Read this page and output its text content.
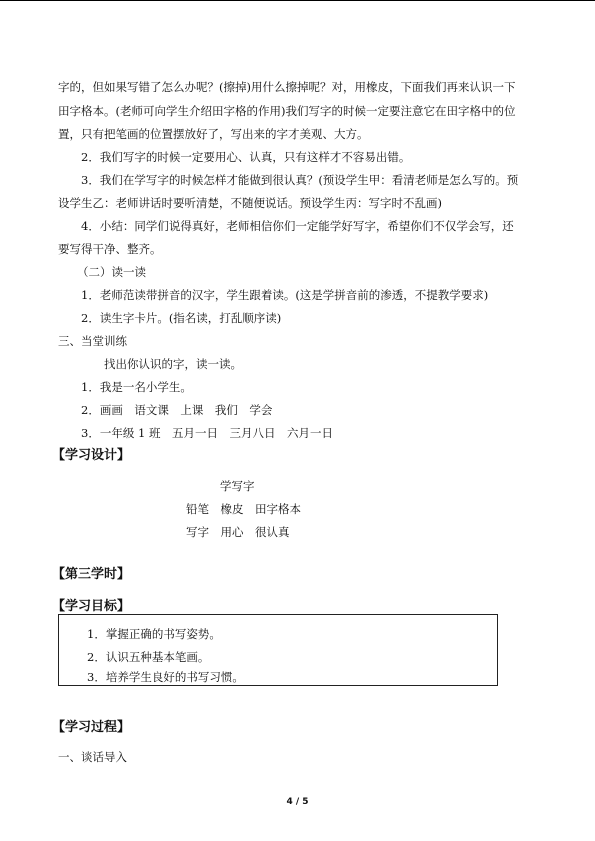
字的，但如果写错了怎么办呢？(擦掉)用什么擦掉呢？对，用橡皮，下面我们再来认识一下
田字格本。(老师可向学生介绍田字格的作用)我们写字的时候一定要注意它在田字格中的位
置，只有把笔画的位置摆放好了，写出来的字才美观、大方。
2．我们写字的时候一定要用心、认真，只有这样才不容易出错。
3．我们在学写字的时候怎样才能做到很认真？(预设学生甲：看清老师是怎么写的。预
设学生乙：老师讲话时要听清楚，不随便说话。预设学生丙：写字时不乱画)
4．小结：同学们说得真好，老师相信你们一定能学好写字，希望你们不仅学会写，还
要写得干净、整齐。
（二）读一读
1．老师范读带拼音的汉字，学生跟着读。(这是学拼音前的渗透，不提教学要求)
2．读生字卡片。(指名读，打乱顺序读)
三、当堂训练
找出你认识的字，读一读。
1．我是一名小学生。
2．画画　语文课　上课　我们　学会
3．一年级 1 班　五月一日　三月八日　六月一日
【学习设计】
学写字
铅笔　橡皮　田字格本
写字　用心　很认真
【第三学时】
【学习目标】
1．掌握正确的书写姿势。
2．认识五种基本笔画。
3．培养学生良好的书写习惯。
【学习过程】
一、谈话导入
4 / 5
